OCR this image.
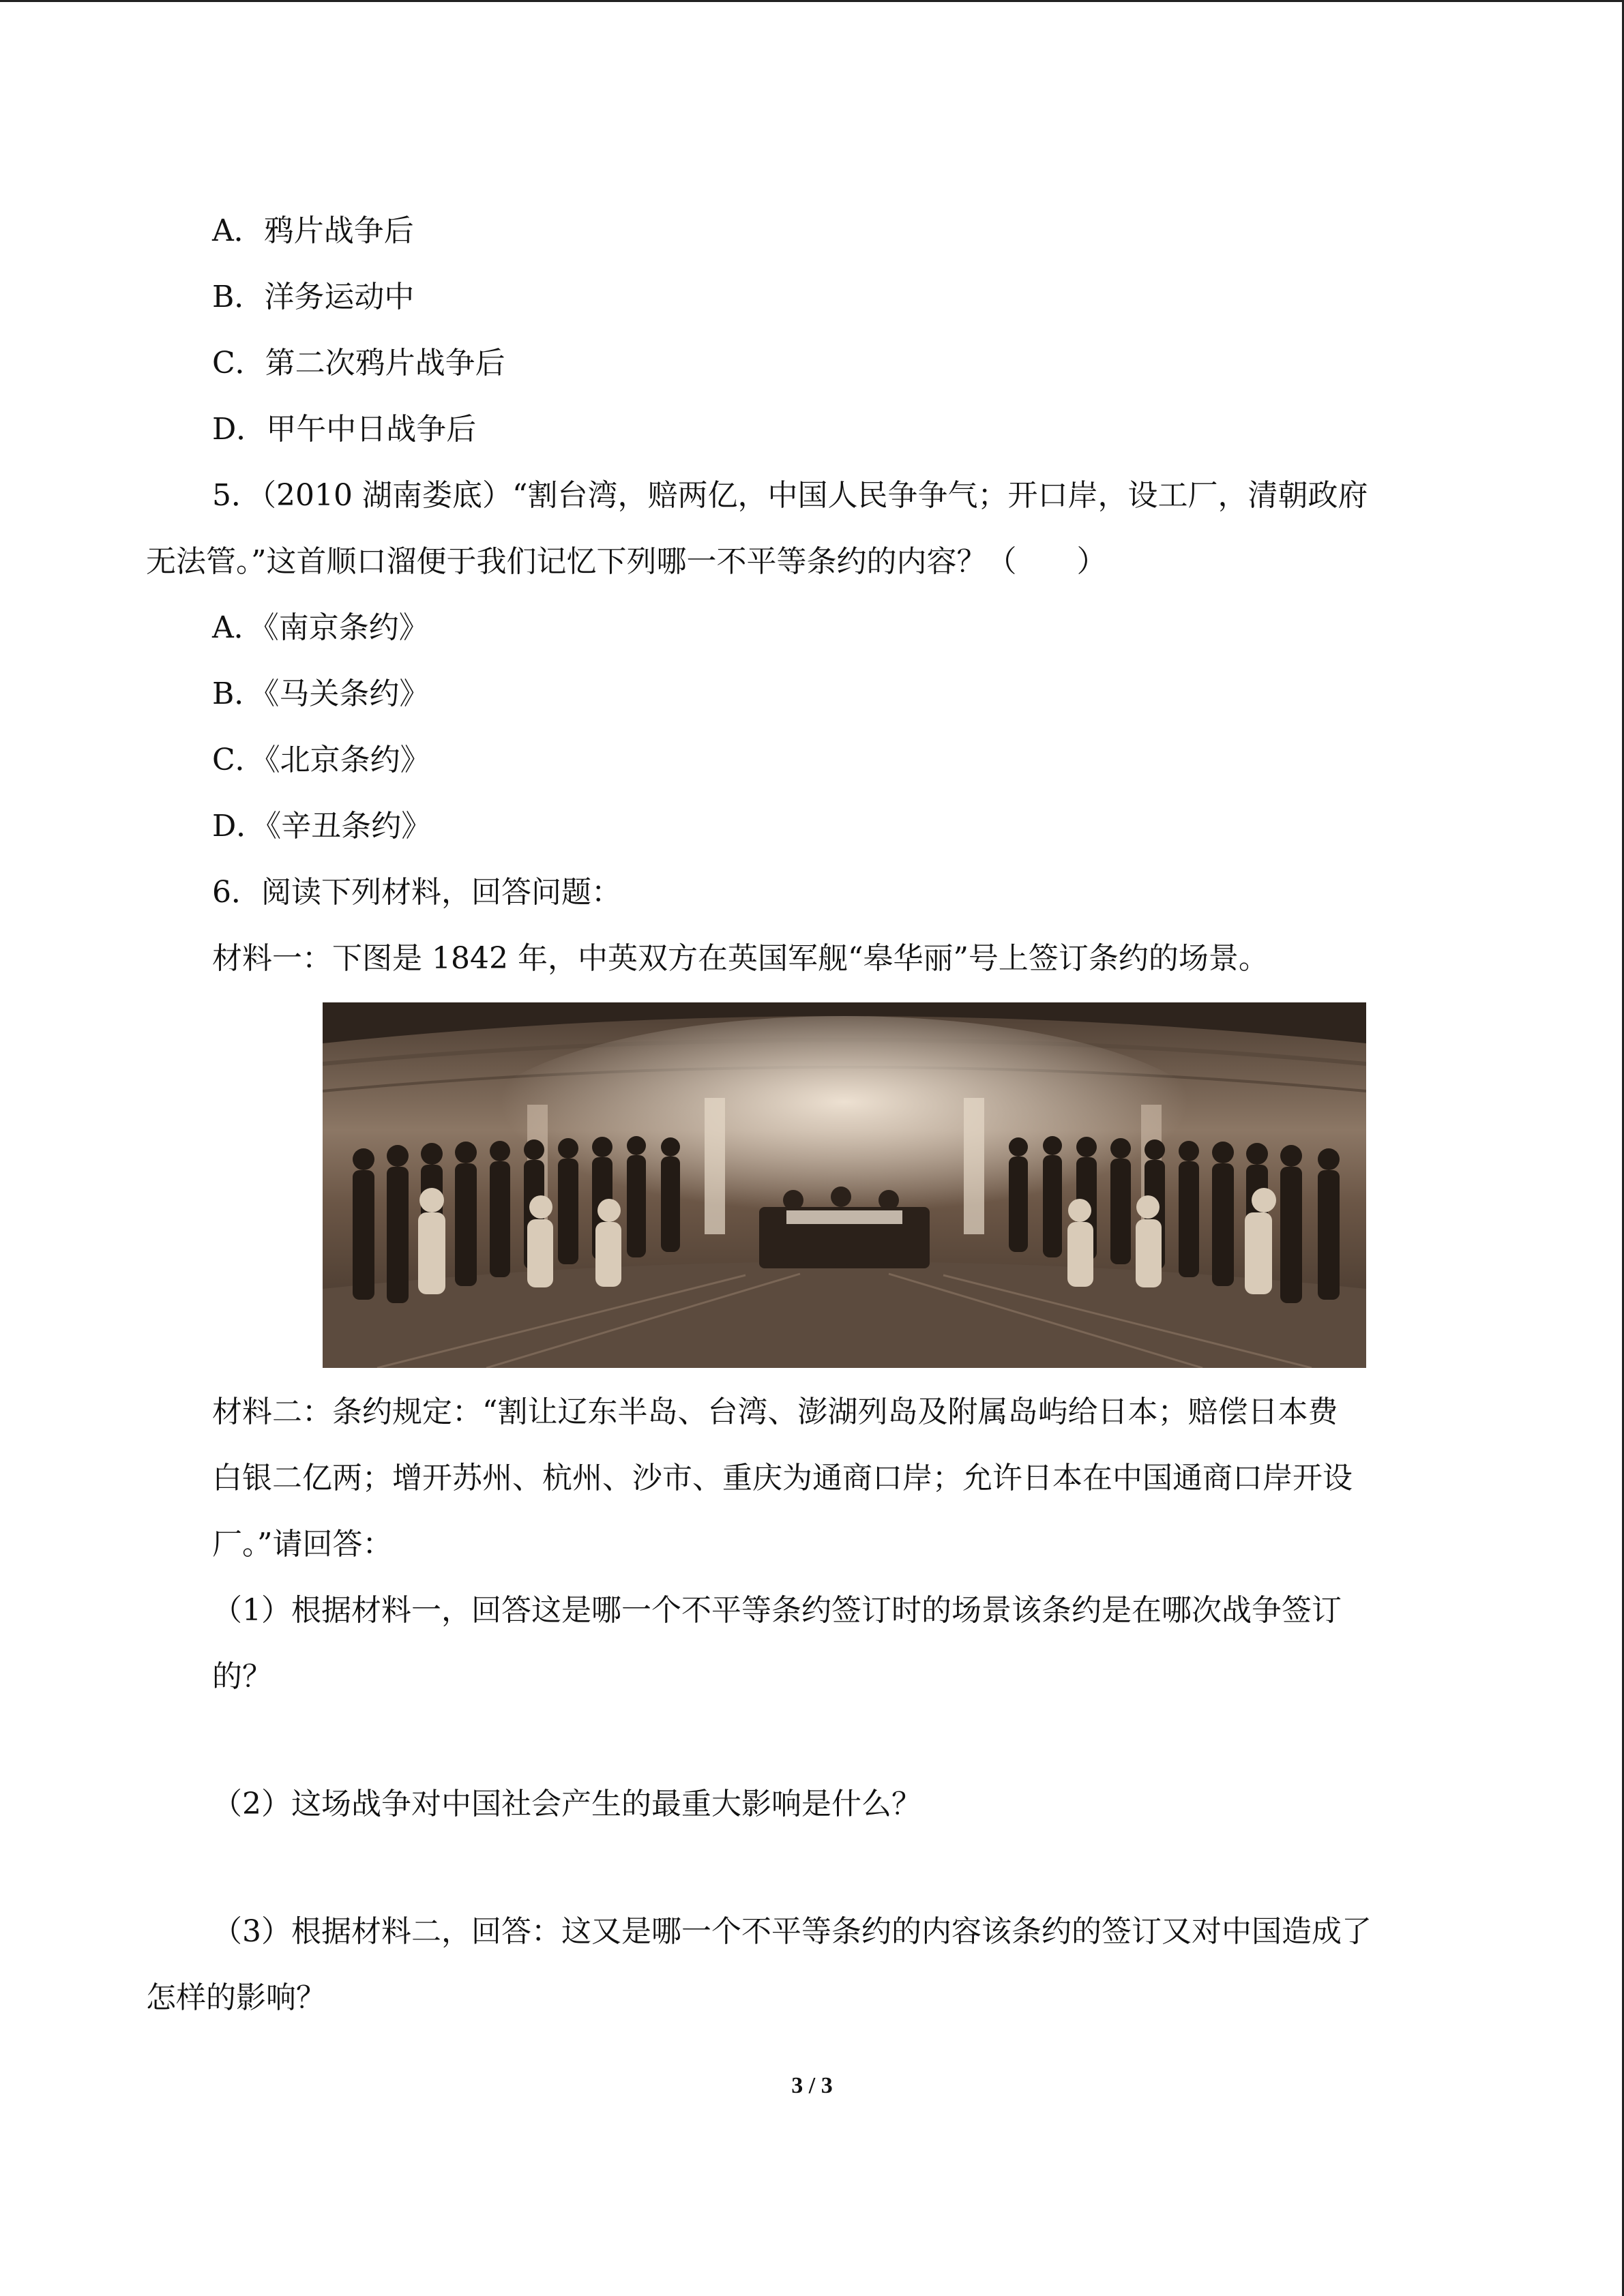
A．鸦片战争后
B．洋务运动中
C．第二次鸦片战争后
D．甲午中日战争后
5．（2010 湖南娄底）“割台湾，赔两亿，中国人民争争气；开口岸，设工厂，清朝政府
无法管。”这首顺口溜便于我们记忆下列哪一不平等条约的内容？（　　）
A．《南京条约》
B．《马关条约》
C．《北京条约》
D．《辛丑条约》
6．阅读下列材料，回答问题：
材料一：下图是 1842 年，中英双方在英国军舰“皋华丽”号上签订条约的场景。
材料二：条约规定：“割让辽东半岛、台湾、澎湖列岛及附属岛屿给日本；赔偿日本费
白银二亿两；增开苏州、杭州、沙市、重庆为通商口岸；允许日本在中国通商口岸开设
厂。”请回答：
（1）根据材料一，回答这是哪一个不平等条约签订时的场景该条约是在哪次战争签订
的？
（2）这场战争对中国社会产生的最重大影响是什么？
（3）根据材料二，回答：这又是哪一个不平等条约的内容该条约的签订又对中国造成了
怎样的影响？
3 / 3
